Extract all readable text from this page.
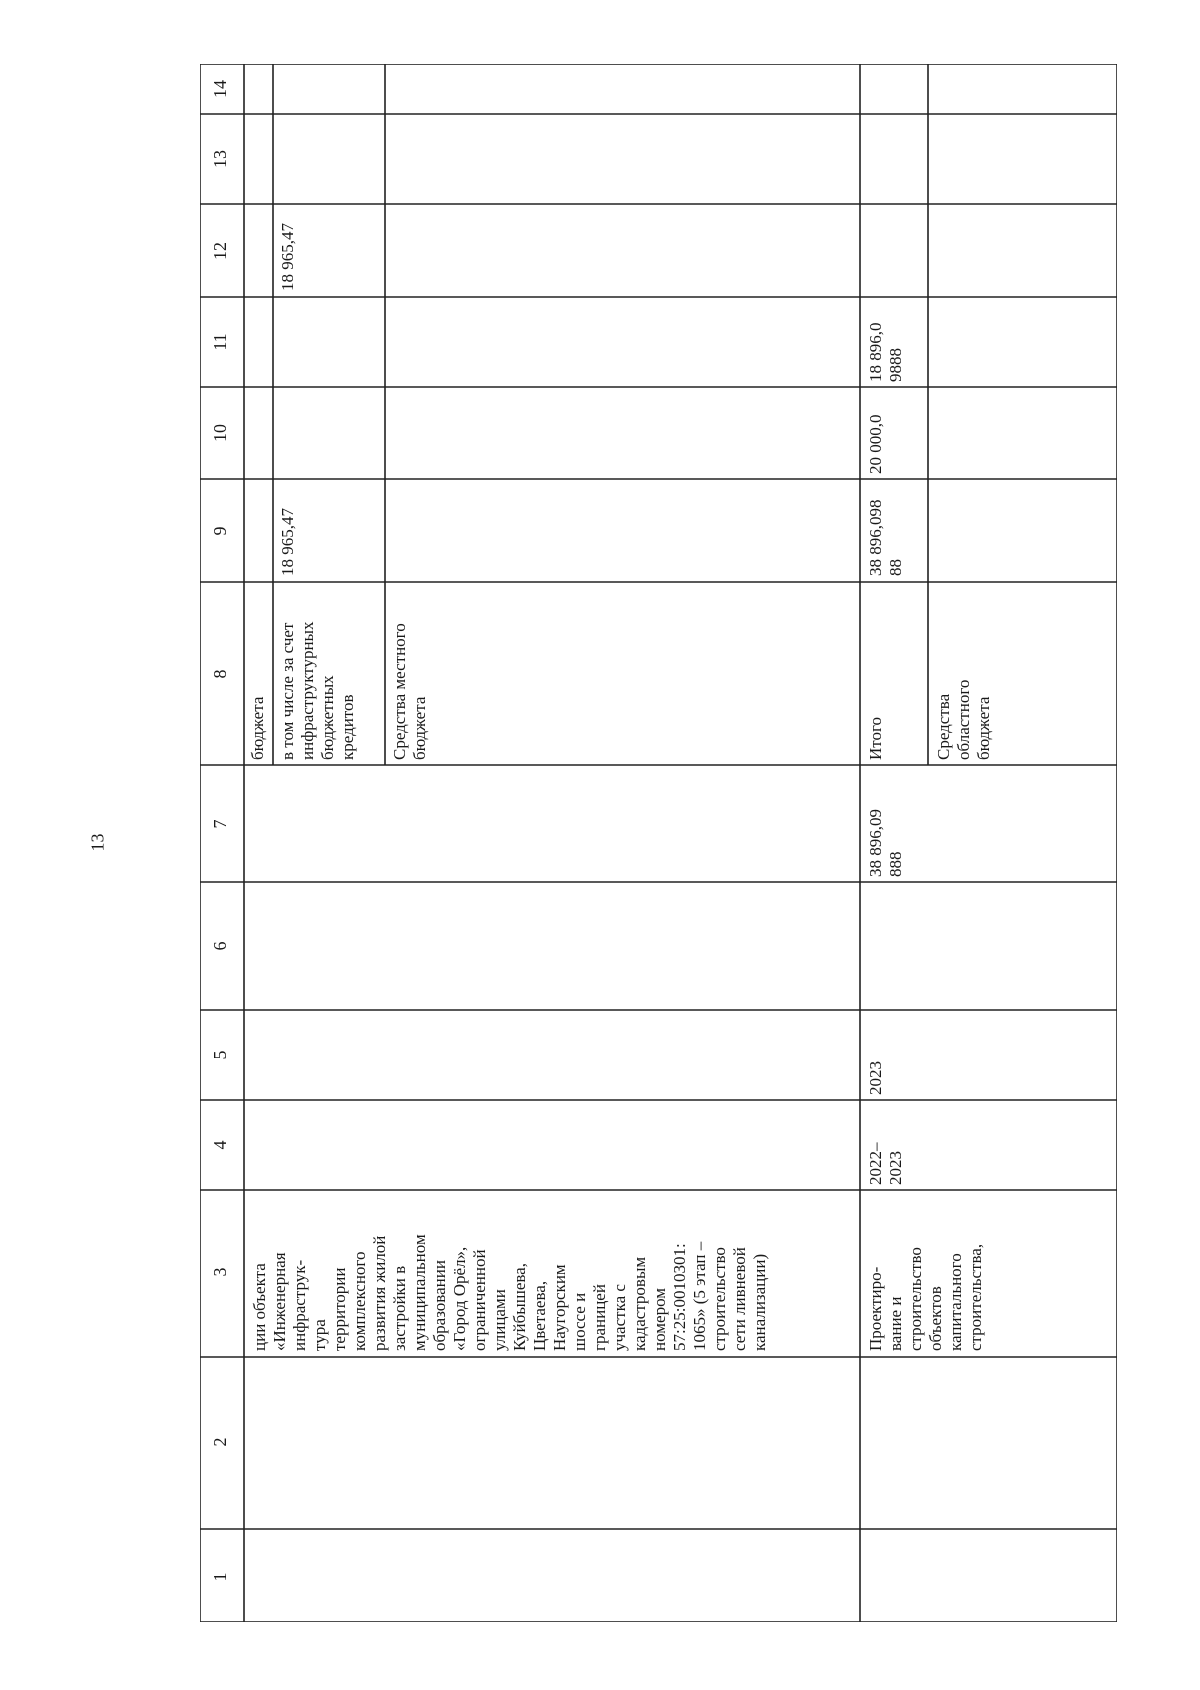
13
1
2
3
4
5
6
7
8
9
10
11
12
13
14
ции объекта
«Инженерная
инфраструк-
тура
территории
комплексного
развития жилой
застройки в
муниципальном
образовании
«Город Орёл»,
ограниченной
улицами
Куйбышева,
Цветаева,
Наугорским
шоссе и
границей
участка с
кадастровым
номером
57:25:0010301:
1065» (5 этап –
строительство
сети ливневой
канализации)
бюджета в том числе за счет
инфраструктурных
бюджетных
кредитов
18 965,47
18 965,47
Средства местного
бюджета
Проектиро-
вание и
строительство
объектов
капитального
строительства,
2022–
2023
2023
38 896,09
888
Итого
38 896,098
88
20 000,0
18 896,0
9888
Средства
областного
бюджета
